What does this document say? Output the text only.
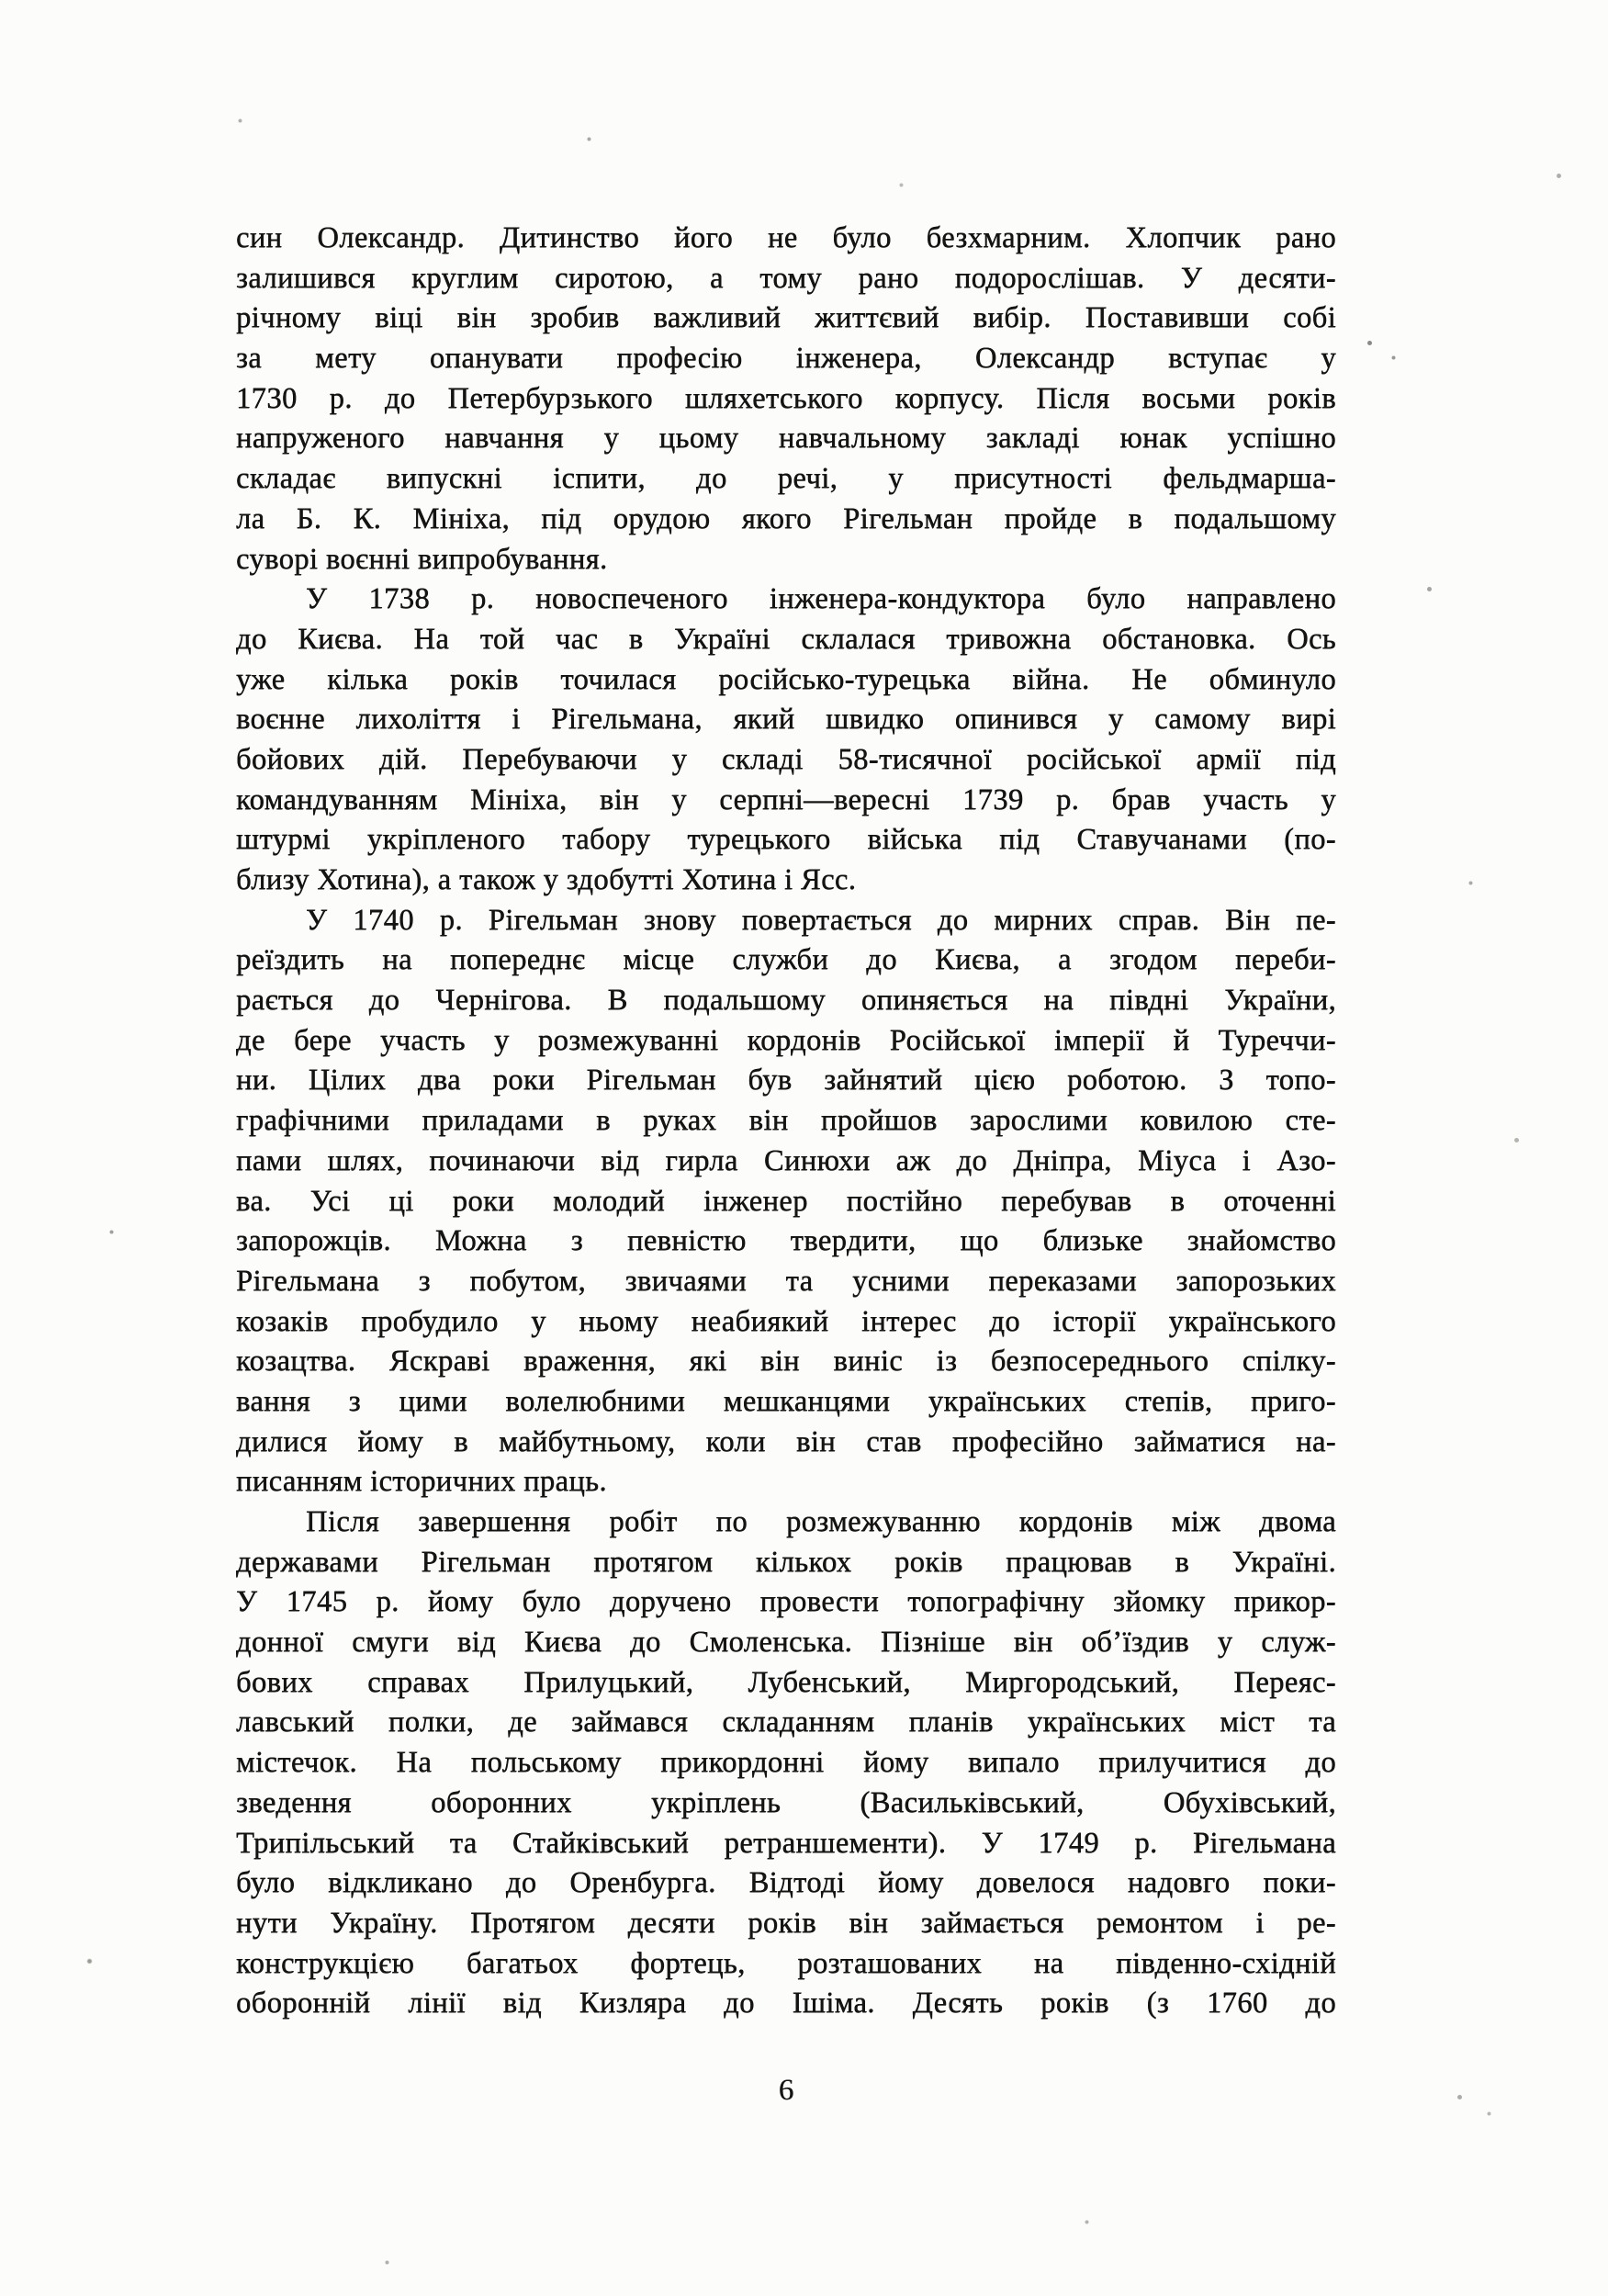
син Олександр. Дитинство його не було безхмарним. Хлопчик рано
залишився круглим сиротою, а тому рано подорослішав. У десяти-
річному віці він зробив важливий життєвий вибір. Поставивши собі
за мету опанувати професію інженера, Олександр вступає у
1730 р. до Петербурзького шляхетського корпусу. Після восьми років
напруженого навчання у цьому навчальному закладі юнак успішно
складає випускні іспити, до речі, у присутності фельдмарша-
ла Б. К. Мініха, під орудою якого Рігельман пройде в подальшому
суворі воєнні випробування.
У 1738 р. новоспеченого інженера-кондуктора було направлено
до Києва. На той час в Україні склалася тривожна обстановка. Ось
уже кілька років точилася російсько-турецька війна. Не обминуло
воєнне лихоліття і Рігельмана, який швидко опинився у самому вирі
бойових дій. Перебуваючи у складі 58-тисячної російської армії під
командуванням Мініха, він у серпні—вересні 1739 р. брав участь у
штурмі укріпленого табору турецького війська під Ставучанами (по-
близу Хотина), а також у здобутті Хотина і Ясс.
У 1740 р. Рігельман знову повертається до мирних справ. Він пе-
реїздить на попереднє місце служби до Києва, а згодом переби-
рається до Чернігова. В подальшому опиняється на півдні України,
де бере участь у розмежуванні кордонів Російської імперії й Туреччи-
ни. Цілих два роки Рігельман був зайнятий цією роботою. З топо-
графічними приладами в руках він пройшов зарослими ковилою сте-
пами шлях, починаючи від гирла Синюхи аж до Дніпра, Міуса і Азо-
ва. Усі ці роки молодий інженер постійно перебував в оточенні
запорожців. Можна з певністю твердити, що близьке знайомство
Рігельмана з побутом, звичаями та усними переказами запорозьких
козаків пробудило у ньому неабиякий інтерес до історії українського
козацтва. Яскраві враження, які він виніс із безпосереднього спілку-
вання з цими волелюбними мешканцями українських степів, приго-
дилися йому в майбутньому, коли він став професійно займатися на-
писанням історичних праць.
Після завершення робіт по розмежуванню кордонів між двома
державами Рігельман протягом кількох років працював в Україні.
У 1745 р. йому було доручено провести топографічну зйомку прикор-
донної смуги від Києва до Смоленська. Пізніше він об’їздив у служ-
бових справах Прилуцький, Лубенський, Миргородський, Переяс-
лавський полки, де займався складанням планів українських міст та
містечок. На польському прикордонні йому випало прилучитися до
зведення оборонних укріплень (Васильківський, Обухівський,
Трипільський та Стайківський ретраншементи). У 1749 р. Рігельмана
було відкликано до Оренбурга. Відтоді йому довелося надовго поки-
нути Україну. Протягом десяти років він займається ремонтом і ре-
конструкцією багатьох фортець, розташованих на південно-східній
оборонній лінії від Кизляра до Ішіма. Десять років (з 1760 до
6
